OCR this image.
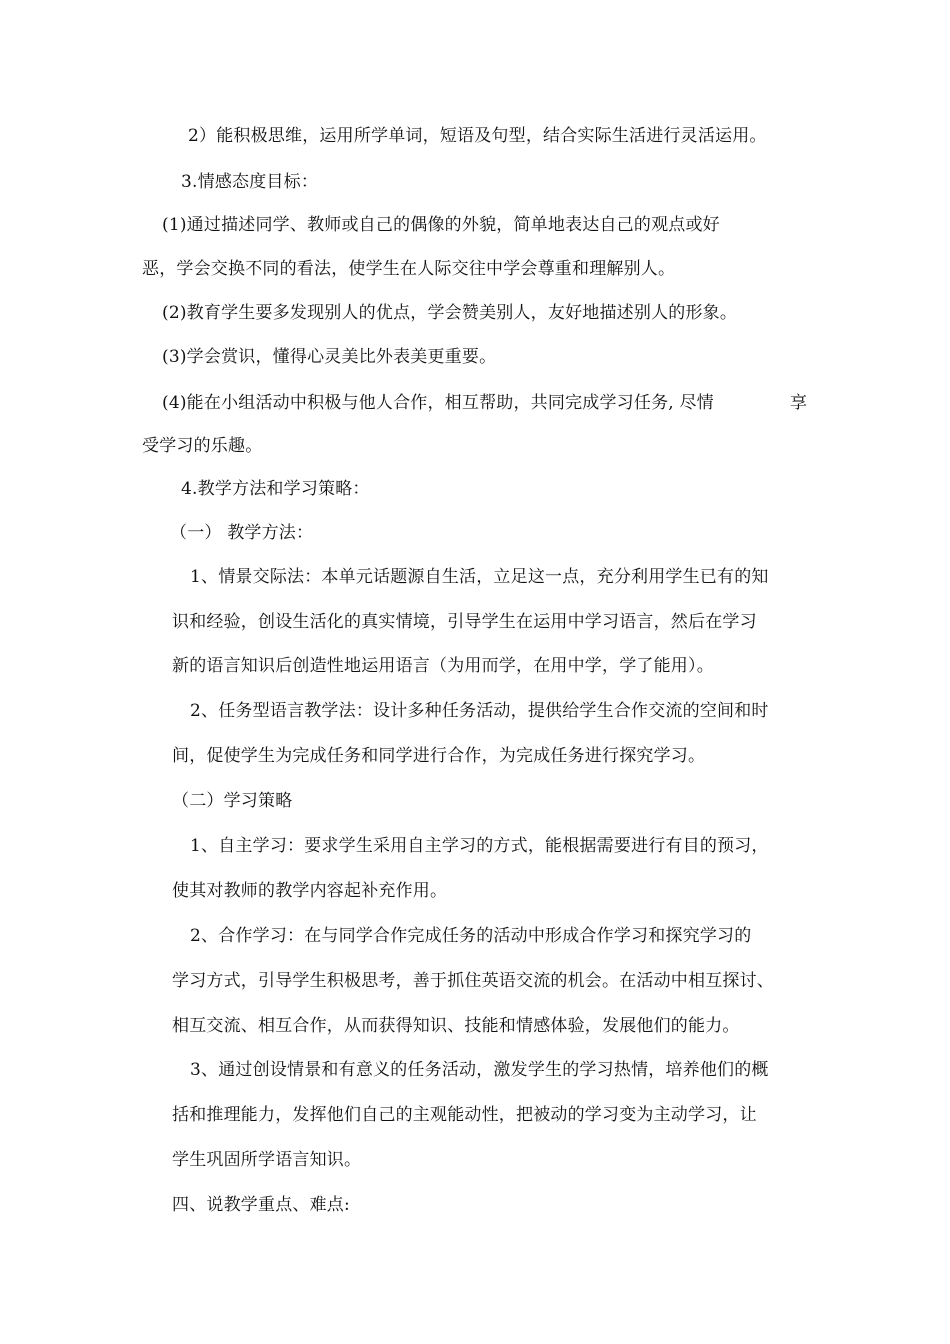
2）能积极思维，运用所学单词，短语及句型，结合实际生活进行灵活运用。
3.情感态度目标：
(1)通过描述同学、教师或自己的偶像的外貌，简单地表达自己的观点或好
恶，学会交换不同的看法，使学生在人际交往中学会尊重和理解别人。
(2)教育学生要多发现别人的优点，学会赞美别人，友好地描述别人的形象。
(3)学会赏识，懂得心灵美比外表美更重要。
(4)能在小组活动中积极与他人合作，相互帮助，共同完成学习任务, 尽情	享
受学习的乐趣。
4.教学方法和学习策略：
（一） 教学方法：
1、情景交际法：本单元话题源自生活，立足这一点，充分利用学生已有的知
识和经验，创设生活化的真实情境，引导学生在运用中学习语言，然后在学习
新的语言知识后创造性地运用语言（为用而学，在用中学，学了能用）。
2、任务型语言教学法：设计多种任务活动，提供给学生合作交流的空间和时
间，促使学生为完成任务和同学进行合作，为完成任务进行探究学习。
（二）学习策略
1、自主学习：要求学生采用自主学习的方式，能根据需要进行有目的预习，
使其对教师的教学内容起补充作用。
2、合作学习：在与同学合作完成任务的活动中形成合作学习和探究学习的
学习方式，引导学生积极思考，善于抓住英语交流的机会。在活动中相互探讨、
相互交流、相互合作，从而获得知识、技能和情感体验，发展他们的能力。
3、通过创设情景和有意义的任务活动，激发学生的学习热情，培养他们的概
括和推理能力，发挥他们自己的主观能动性，把被动的学习变为主动学习，让
学生巩固所学语言知识。
四、说教学重点、难点:
